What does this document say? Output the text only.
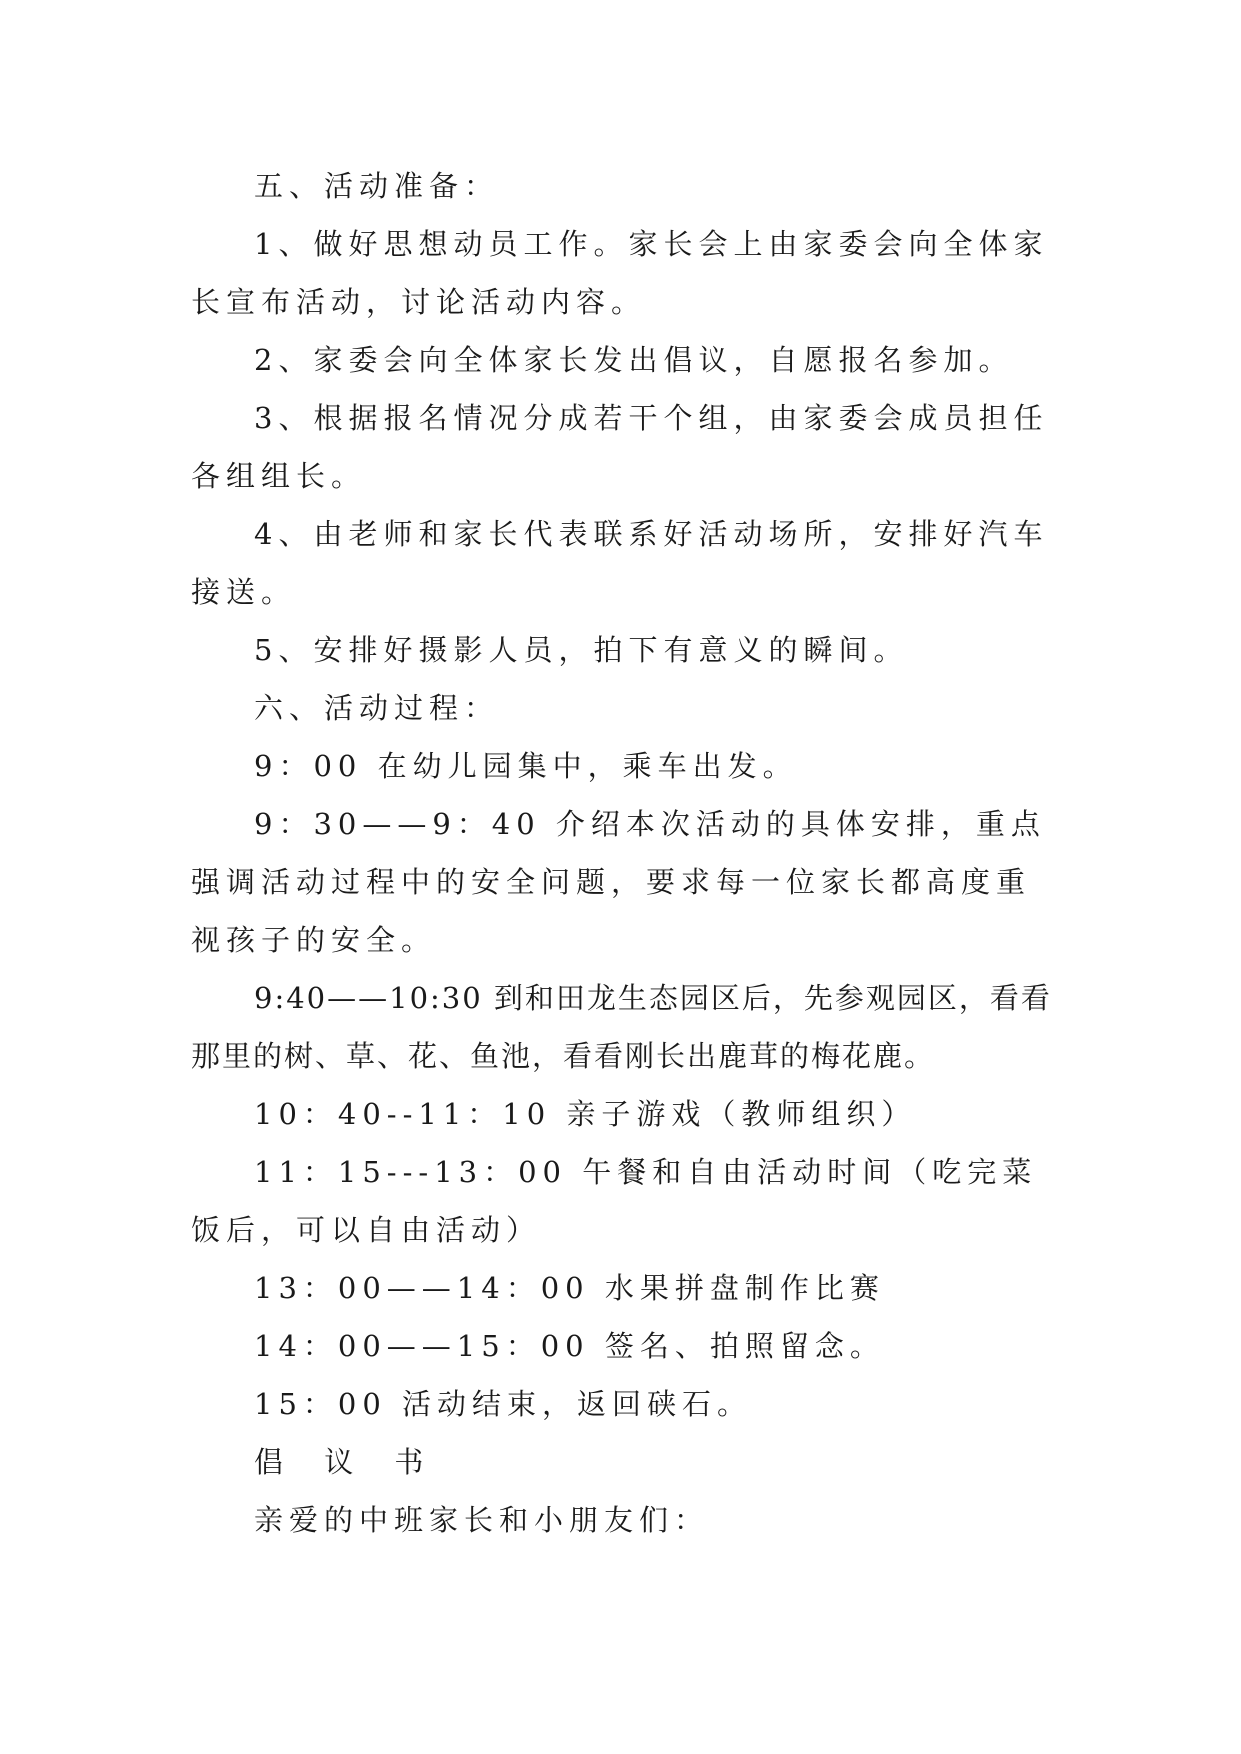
五、活动准备：

1、做好思想动员工作。家长会上由家委会向全体家长宣布活动，讨论活动内容。

2、家委会向全体家长发出倡议，自愿报名参加。

3、根据报名情况分成若干个组，由家委会成员担任各组组长。

4、由老师和家长代表联系好活动场所，安排好汽车接送。

5、安排好摄影人员，拍下有意义的瞬间。

六、活动过程：

9：00 在幼儿园集中，乘车出发。

9：30——9：40 介绍本次活动的具体安排，重点强调活动过程中的安全问题，要求每一位家长都高度重视孩子的安全。

9:40——10:30 到和田龙生态园区后，先参观园区，看看那里的树、草、花、鱼池，看看刚长出鹿茸的梅花鹿。

10：40--11：10 亲子游戏（教师组织）

11：15---13：00 午餐和自由活动时间（吃完菜饭后，可以自由活动）

13：00——14：00 水果拼盘制作比赛

14：00——15：00 签名、拍照留念。

15：00 活动结束，返回硖石。

倡 议 书

亲爱的中班家长和小朋友们：
